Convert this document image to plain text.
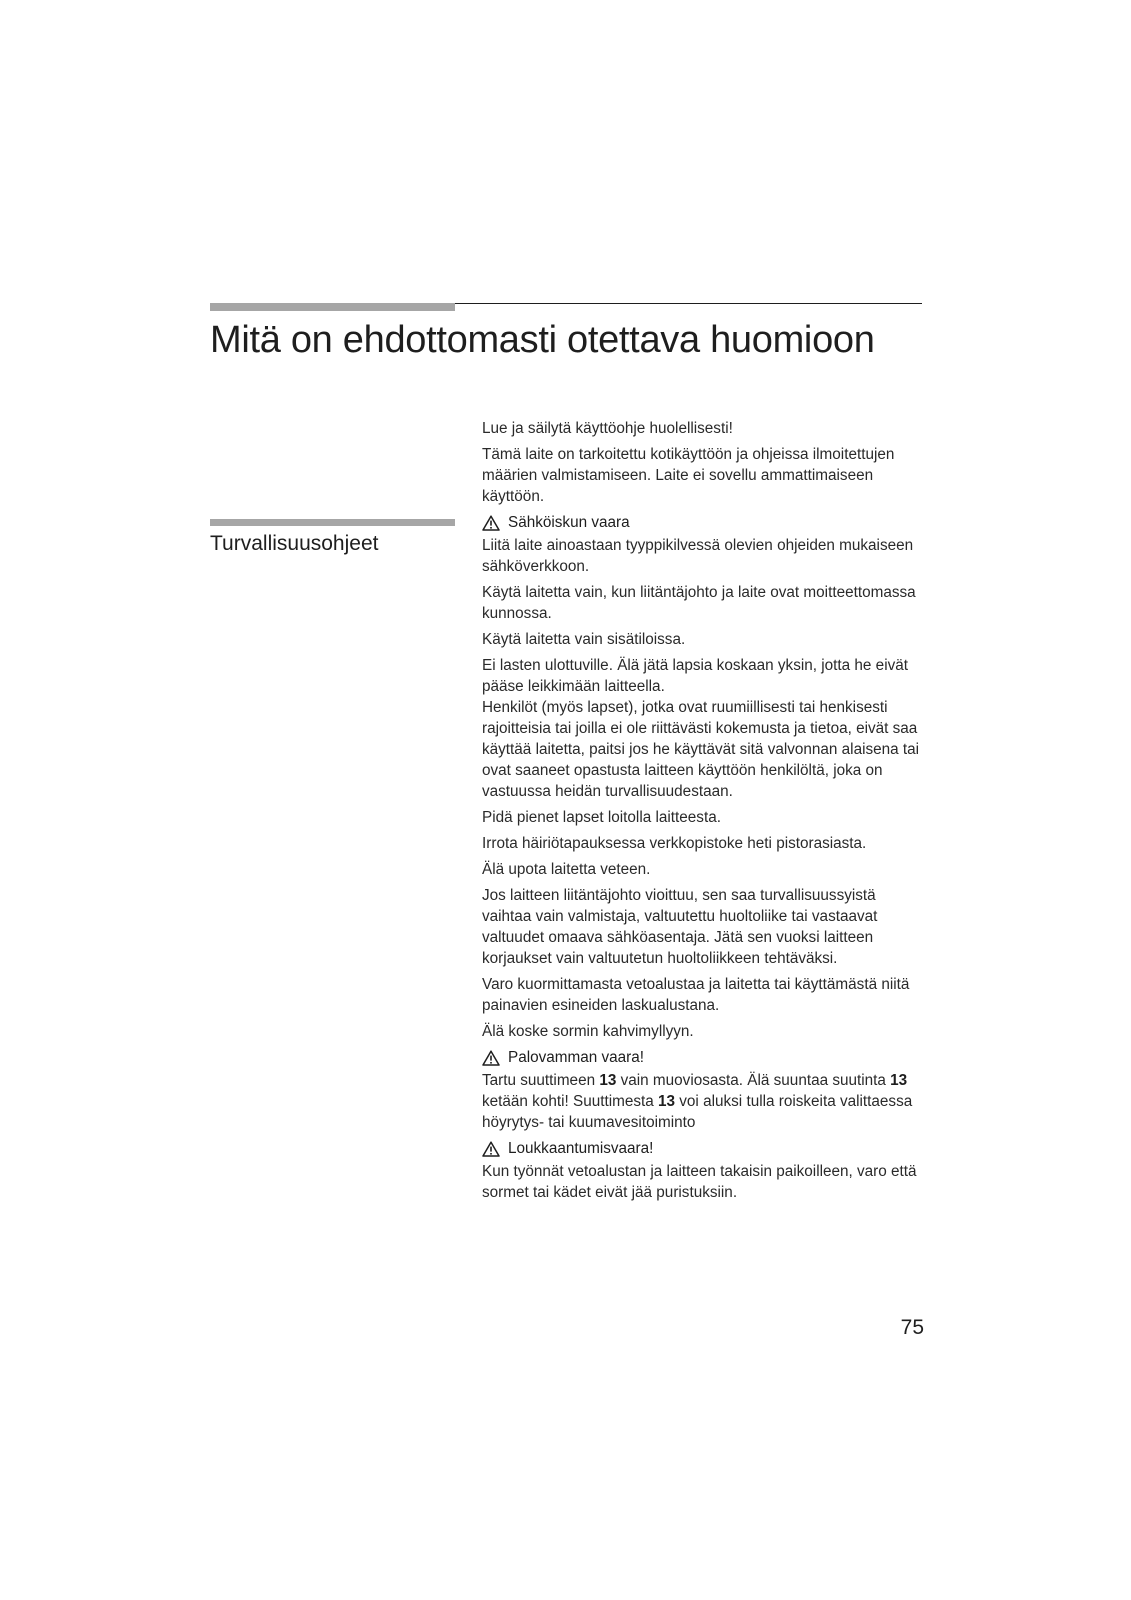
Mitä on ehdottomasti otettava huomioon
Turvallisuusohjeet

Lue ja säilytä käyttöohje huolellisesti!

Tämä laite on tarkoitettu kotikäyttöön ja ohjeissa ilmoitettujen määrien valmistamiseen. Laite ei sovellu ammattimaiseen käyttöön.

Sähköiskun vaara

Liitä laite ainoastaan tyyppikilvessä olevien ohjeiden mukaiseen sähköverkkoon.

Käytä laitetta vain, kun liitäntäjohto ja laite ovat moitteettomassa kunnossa.

Käytä laitetta vain sisätiloissa.

Ei lasten ulottuville. Älä jätä lapsia koskaan yksin, jotta he eivät pääse leikkimään laitteella.

Henkilöt (myös lapset), jotka ovat ruumiillisesti tai henkisesti rajoitteisia tai joilla ei ole riittävästi kokemusta ja tietoa, eivät saa käyttää laitetta, paitsi jos he käyttävät sitä valvonnan alaisena tai ovat saaneet opastusta laitteen käyttöön henkilöltä, joka on vastuussa heidän turvallisuudestaan.

Pidä pienet lapset loitolla laitteesta.

Irrota häiriötapauksessa verkkopistoke heti pistorasiasta.

Älä upota laitetta veteen.

Jos laitteen liitäntäjohto vioittuu, sen saa turvallisuussyistä vaihtaa vain valmistaja, valtuutettu huoltoliike tai vastaavat valtuudet omaava sähköasentaja. Jätä sen vuoksi laitteen korjaukset vain valtuutetun huoltoliikkeen tehtäväksi.

Varo kuormittamasta vetoalustaa ja laitetta tai käyttämästä niitä painavien esineiden laskualustana.

Älä koske sormin kahvimyllyyn.

Palovamman vaara!

Tartu suuttimeen 13 vain muoviosasta. Älä suuntaa suutinta 13 ketään kohti! Suuttimesta 13 voi aluksi tulla roiskeita valittaessa höyrytys- tai kuumavesitoiminto

Loukkaantumisvaara!

Kun työnnät vetoalustan ja laitteen takaisin paikoilleen, varo että sormet tai kädet eivät jää puristuksiin.

75
